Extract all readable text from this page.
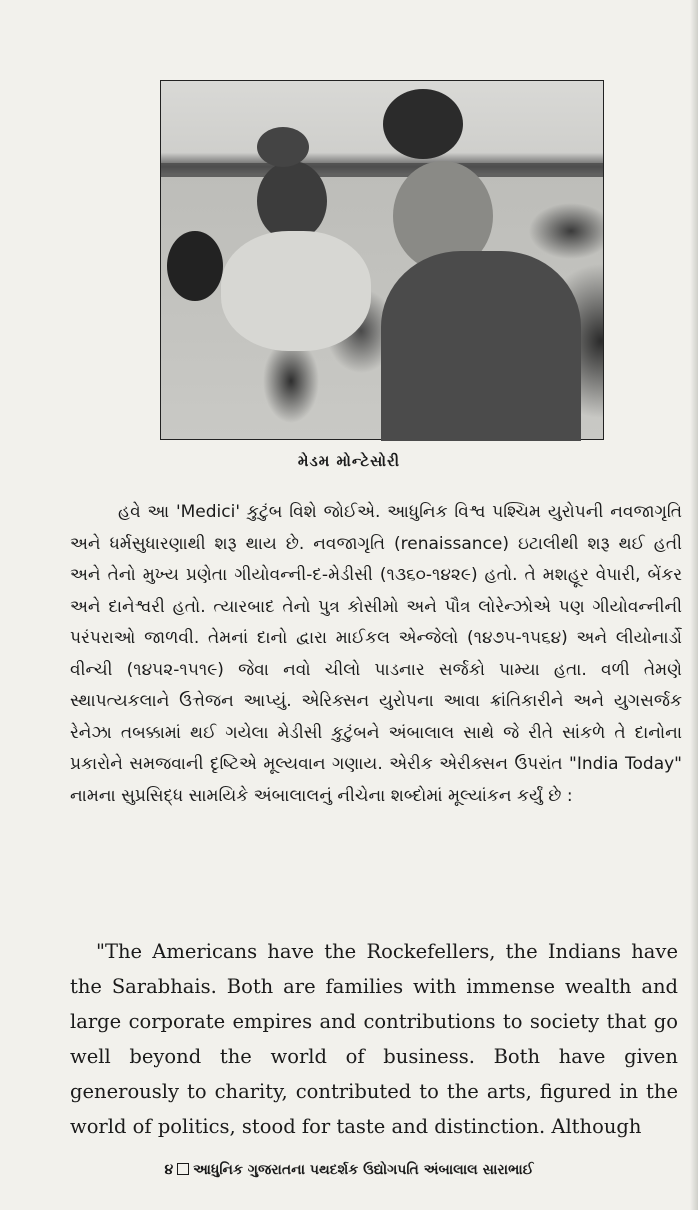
મેડમ મોન્ટેસોરી

હવે આ 'Medici' કુટુંબ વિશે જોઈએ. આધુનિક વિશ્વ પશ્ચિમ યુરોપની નવજાગૃતિ અને ધર્મસુધારણાથી શરૂ થાય છે. નવજાગૃતિ (renaissance) ઇટાલીથી શરૂ થઈ હતી અને તેનો મુખ્ય પ્રણેતા ગીયોવન્ની-દ-મેડીસી (૧૩૬૦-૧૪૨૯) હતો. તે મશહૂર વેપારી, બેંકર અને દાનેશ્વરી હતો. ત્યારબાદ તેનો પુત્ર કોસીમો અને પૌત્ર લોરેન્ઝોએ પણ ગીયોવન્નીની પરંપરાઓ જાળવી. તેમનાં દાનો દ્વારા માઈકલ એન્જેલો (૧૪૭૫-૧૫૬૪) અને લીયોનાર્ડો વીન્ચી (૧૪૫૨-૧૫૧૯) જેવા નવો ચીલો પાડનાર સર્જકો પામ્યા હતા. વળી તેમણે સ્થાપત્યકલાને ઉત્તેજન આપ્યું. એરિક્સન યુરોપના આવા ક્રાંતિકારીને અને યુગસર્જક રેનેઝા તબક્કામાં થઈ ગયેલા મેડીસી કુટુંબને અંબાલાલ સાથે જે રીતે સાંકળે તે દાનોના પ્રકારોને સમજવાની દૃષ્ટિએ મૂલ્યવાન ગણાય. એરીક એરીક્સન ઉપરાંત "India Today" નામના સુપ્રસિદ્ધ સામયિકે અંબાલાલનું નીચેના શબ્દોમાં મૂલ્યાંકન કર્યું છે :

"The Americans have the Rockefellers, the Indians have the Sarabhais. Both are families with immense wealth and large corporate empires and contributions to society that go well beyond the world of business. Both have given generously to charity, contributed to the arts, figured in the world of politics, stood for taste and distinction. Although

૪ આધુનિક ગુજરાતના પથદર્શક ઉદ્યોગપતિ અંબાલાલ સારાભાઈ
